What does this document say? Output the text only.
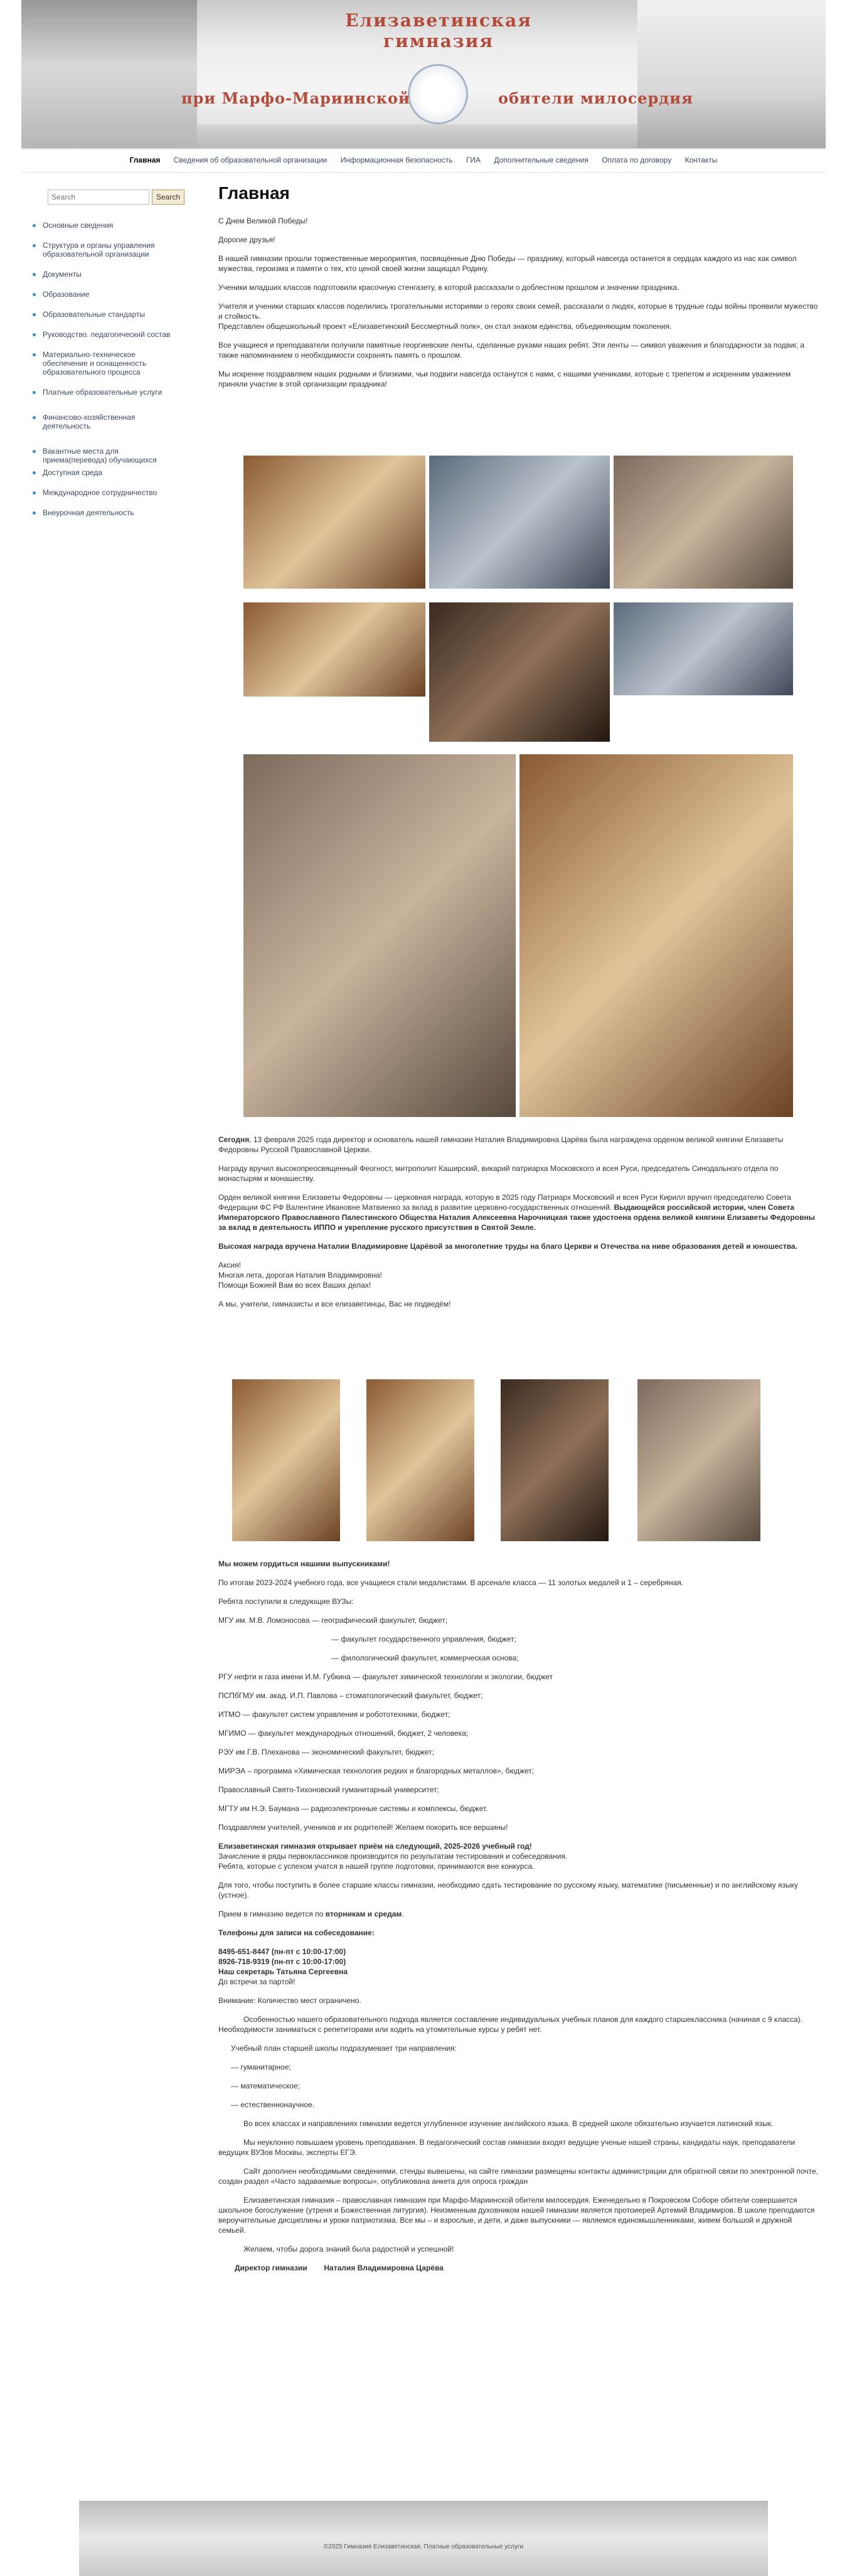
Елизаветинская гимназия
при Марфо-Мариинской	обители милосердия
Главная Сведения об образовательной организации Информационная безопасность ГИА Дополнительные сведения Оплата по договору Контакты
Search
Search
Основные сведения
Структура и органы управления образовательной организации
Документы
Образование
Образовательные стандарты
Руководство. педагогический состав
Материально-техническое обеспечение и оснащенность образовательного процесса
Платные образовательные услуги
Финансово-хозяйственная деятельность
Вакантные места для приема(перевода) обучающихся
Доступная среда
Международное сотрудничество
Внеурочная деятельность
Главная

С Днем Великой Победы!

Дорогие друзья!

В нашей гимназии прошли торжественные мероприятия, посвящённые Дню Победы — празднику, который навсегда останется в сердцах каждого из нас как символ мужества, героизма и памяти о тех, кто ценой своей жизни защищал Родину.

Ученики младших классов подготовили красочную стенгазету, в которой рассказали о доблестном прошлом и значении праздника.

Учителя и ученики старших классов поделились трогательными историями о героях своих семей, рассказали о людях, которые в трудные годы войны проявили мужество и стойкость.

Представлен общешкольный проект «Елизаветинский Бессмертный полк», он стал знаком единства, объединяющим поколения.

Все учащиеся и преподаватели получили памятные георгиевские ленты, сделанные руками наших ребят. Эти ленты — символ уважения и благодарности за подвиг, а также напоминанием о необходимости сохранять память о прошлом.

Мы искренне поздравляем наших родными и близкими, чьи подвиги навсегда останутся с нами, с нашими учениками, которые с трепетом и искренним уважением приняли участие в этой организации праздника!

Сегодня, 13 февраля 2025 года директор и основатель нашей гимназии Наталия Владимировна Царёва была награждена орденом великой княгини Елизаветы Федоровны Русской Православной Церкви.

Награду вручил высокопреосвященный Феогност, митрополит Каширский, викарий патриарха Московского и всея Руси, председатель Синодального отдела по монастырям и монашеству.

Орден великой княгини Елизаветы Федоровны — церковная награда, которую в 2025 году Патриарх Московский и всея Руси Кирилл вручил председателю Совета Федерации ФС РФ Валентине Ивановне Матвиенко за вклад в развитие церковно-государственных отношений. Выдающейся российской истории, член Совета Императорского Православного Палестинского Общества Наталия Алексеевна Нарочницкая также удостоена ордена великой княгини Елизаветы Федоровны за вклад в деятельность ИППО и укрепление русского присутствия в Святой Земле.

Высокая награда вручена Наталии Владимировне Царёвой за многолетние труды на благо Церкви и Отечества на ниве образования детей и юношества.

Аксия!

Многая лета, дорогая Наталия Владимировна!

Помощи Божией Вам во всех Ваших делах!

А мы, учители, гимназисты и все елизаветинцы, Вас не подведём!

Мы можем гордиться нашими выпускниками!

По итогам 2023-2024 учебного года, все учащиеся стали медалистами. В арсенале класса — 11 золотых медалей и 1 – серебряная.

Ребята поступили в следующие ВУЗы:

МГУ им. М.В. Ломоносова — географический факультет, бюджет;

— факультет государственного управления, бюджет;

— филологический факультет, коммерческая основа;

РГУ нефти и газа имени И.М. Губкина — факультет химической технологии и экологии, бюджет

ПСПбГМУ им. акад. И.П. Павлова – стоматологический факультет, бюджет;

ИТМО — факультет систем управления и робототехники, бюджет;

МГИМО — факультет международных отношений, бюджет, 2 человека;

РЭУ им Г.В. Плеханова — экономический факультет, бюджет;

МИРЭА – программа «Химическая технология редких и благородных металлов», бюджет;

Православный Свято-Тихоновский гуманитарный университет;

МГТУ им Н.Э. Баумана — радиоэлектронные системы и комплексы, бюджет.

Поздравляем учителей, учеников и их родителей! Желаем покорить все вершины!

Елизаветинская гимназия открывает приём на следующий, 2025-2026 учебный год!

Зачисление в ряды первоклассников производится по результатам тестирования и собеседования.

Ребята, которые с успехом учатся в нашей группе подготовки, принимаются вне конкурса.

Для того, чтобы поступить в более старшие классы гимназии, необходимо сдать тестирование по русскому языку, математике (письменные) и по английскому языку (устное).

Прием в гимназию ведется по вторникам и средам.

Телефоны для записи на собеседование:

8495-651-8447 (пн-пт с 10:00-17:00)

8926-718-9319 (пн-пт с 10:00-17:00)

Наш секретарь Татьяна Сергеевна

До встречи за партой!

Внимание: Количество мест ограничено.

Особенностью нашего образовательного подхода является составление индивидуальных учебных планов для каждого старшеклассника (начиная с 9 класса). Необходимости заниматься с репетиторами или ходить на утомительные курсы у ребят нет.

Учебный план старшей школы подразумевает три направления:

— гуманитарное;

— математическое;

— естественнонаучное.

Во всех классах и направлениях гимназии ведется углубленное изучение английского языка. В средней школе обязательно изучается латинский язык.

Мы неуклонно повышаем уровень преподавания. В педагогический состав гимназии входят ведущие ученые нашей страны, кандидаты наук, преподаватели ведущих ВУЗов Москвы, эксперты ЕГЭ.

Сайт дополнен необходимыми сведениями, стенды вывешены, на сайте гимназии размещены контакты администрации для обратной связи по электронной почте, создан раздел «Часто задаваемые вопросы», опубликована анкета для опроса граждан

Елизаветинская гимназия – православная гимназия при Марфо-Мариинской обители милосердия. Еженедельно в Покровском Соборе обители совершается школьное богослужение (утреня и Божественная литургия). Неизменным духовником нашей гимназии является протоиерей Артемий Владимиров. В школе преподаются вероучительные дисциплины и уроки патриотизма. Все мы – и взрослые, и дети, и даже выпускники — являемся единомышленниками, живем большой и дружной семьей.

Желаем, чтобы дорога знаний была радостной и успешной!

Директор гимназии Наталия Владимировна Царёва

©2025 Гимназия Елизаветинская. Платные образовательные услуги
